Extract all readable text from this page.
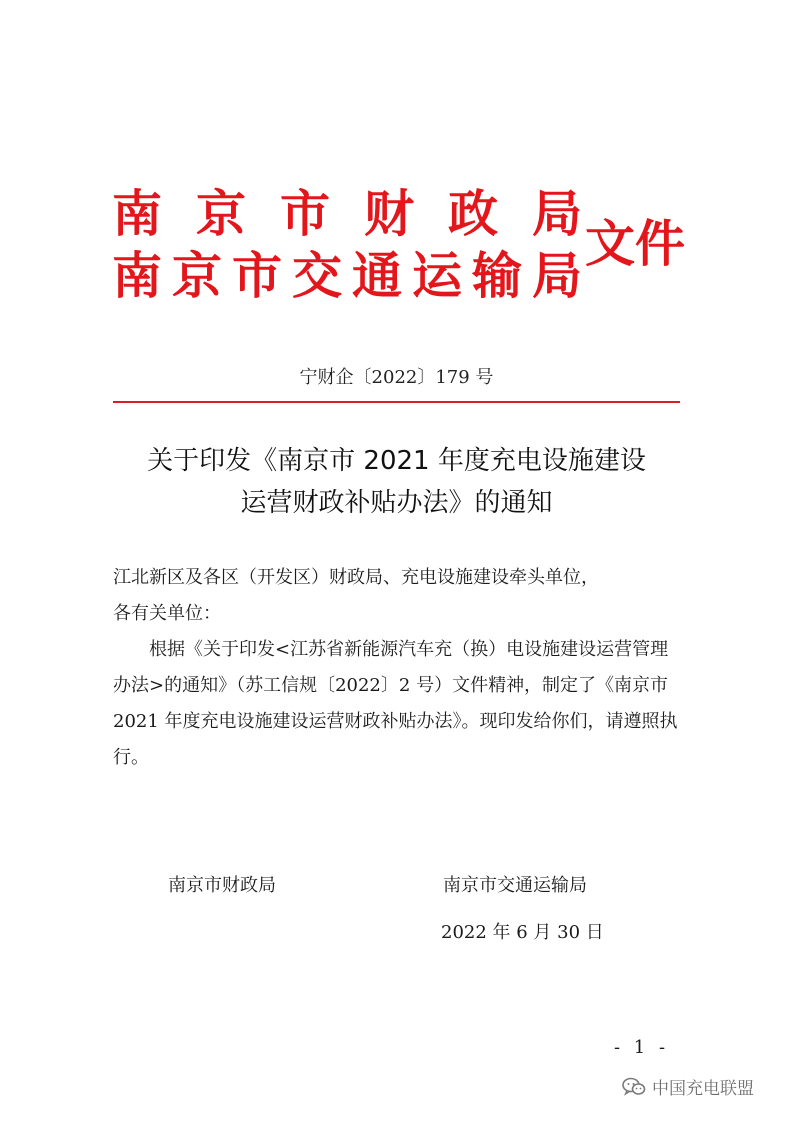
南 京 市 财 政 局
南 京 市 交 通 运 输 局
文件
宁财企〔2022〕179 号
关于印发《南京市 2021 年度充电设施建设
运营财政补贴办法》的通知

江北新区及各区（开发区）财政局、充电设施建设牵头单位，

各有关单位：

根据《关于印发<江苏省新能源汽车充（换）电设施建设运营管理办法>的通知》（苏工信规〔2022〕2 号）文件精神，制定了《南京市 2021 年度充电设施建设运营财政补贴办法》。现印发给你们，请遵照执行。

南京市财政局	南京市交通运输局
2022 年 6 月 30 日
- 1 -
中国充电联盟
